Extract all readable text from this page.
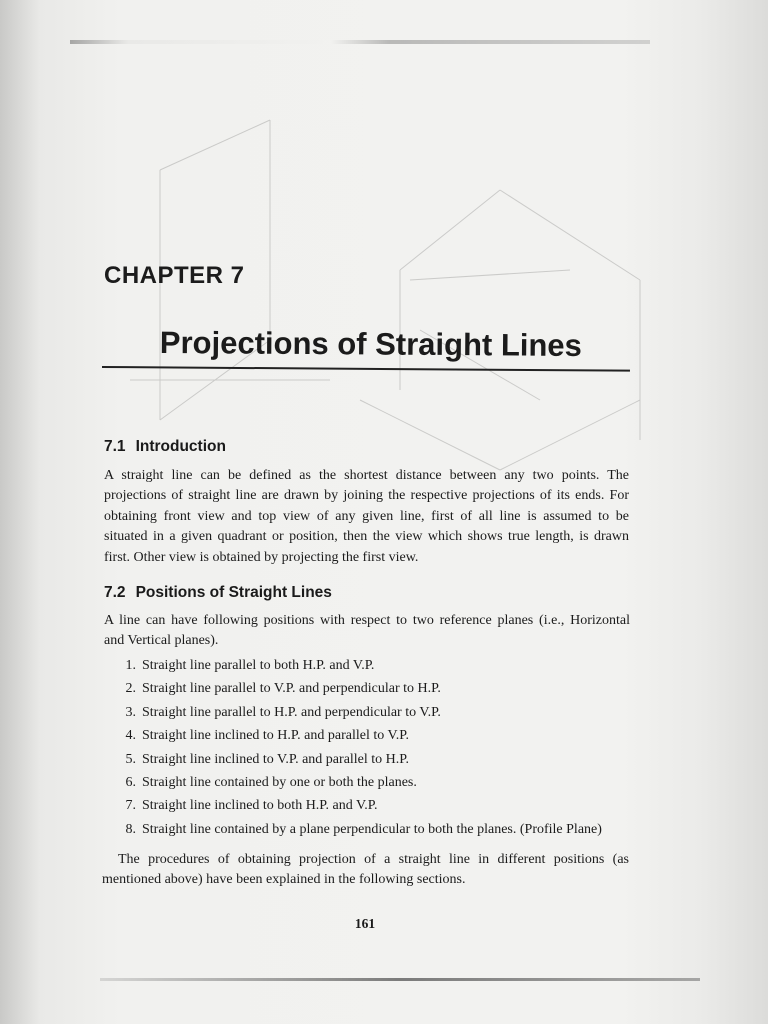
CHAPTER 7
Projections of Straight Lines
7.1 Introduction
A straight line can be defined as the shortest distance between any two points. The
projections of straight line are drawn by joining the respective projections of its ends. For
obtaining front view and top view of any given line, first of all line is assumed to be
situated in a given quadrant or position, then the view which shows true length, is drawn
first. Other view is obtained by projecting the first view.
7.2 Positions of Straight Lines
A line can have following positions with respect to two reference planes (i.e., Horizontal
and Vertical planes).
1. Straight line parallel to both H.P. and V.P.
2. Straight line parallel to V.P. and perpendicular to H.P.
3. Straight line parallel to H.P. and perpendicular to V.P.
4. Straight line inclined to H.P. and parallel to V.P.
5. Straight line inclined to V.P. and parallel to H.P.
6. Straight line contained by one or both the planes.
7. Straight line inclined to both H.P. and V.P.
8. Straight line contained by a plane perpendicular to both the planes. (Profile Plane)
The procedures of obtaining projection of a straight line in different positions (as
mentioned above) have been explained in the following sections.
161
